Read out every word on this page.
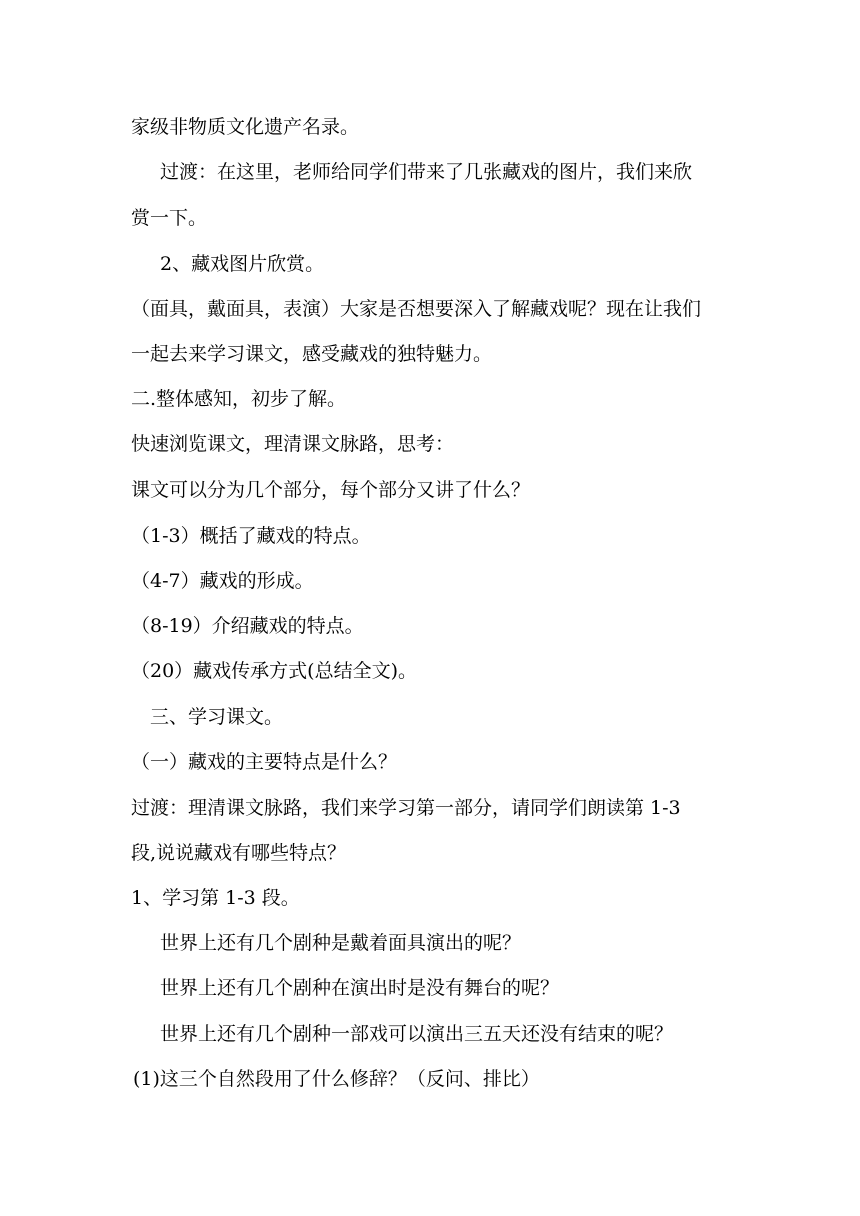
家级非物质文化遗产名录。
过渡：在这里，老师给同学们带来了几张藏戏的图片，我们来欣
赏一下。
2、藏戏图片欣赏。
（面具，戴面具，表演）大家是否想要深入了解藏戏呢？现在让我们
一起去来学习课文，感受藏戏的独特魅力。
二.整体感知，初步了解。
快速浏览课文，理清课文脉路，思考：
课文可以分为几个部分，每个部分又讲了什么？
（1-3）概括了藏戏的特点。
（4-7）藏戏的形成。
（8-19）介绍藏戏的特点。
（20）藏戏传承方式(总结全文)。
三、学习课文。
（一）藏戏的主要特点是什么？
过渡：理清课文脉路，我们来学习第一部分，请同学们朗读第 1-3
段,说说藏戏有哪些特点？
1、学习第 1-3 段。
世界上还有几个剧种是戴着面具演出的呢？
世界上还有几个剧种在演出时是没有舞台的呢？
世界上还有几个剧种一部戏可以演出三五天还没有结束的呢？
(1)这三个自然段用了什么修辞？（反问、排比）
